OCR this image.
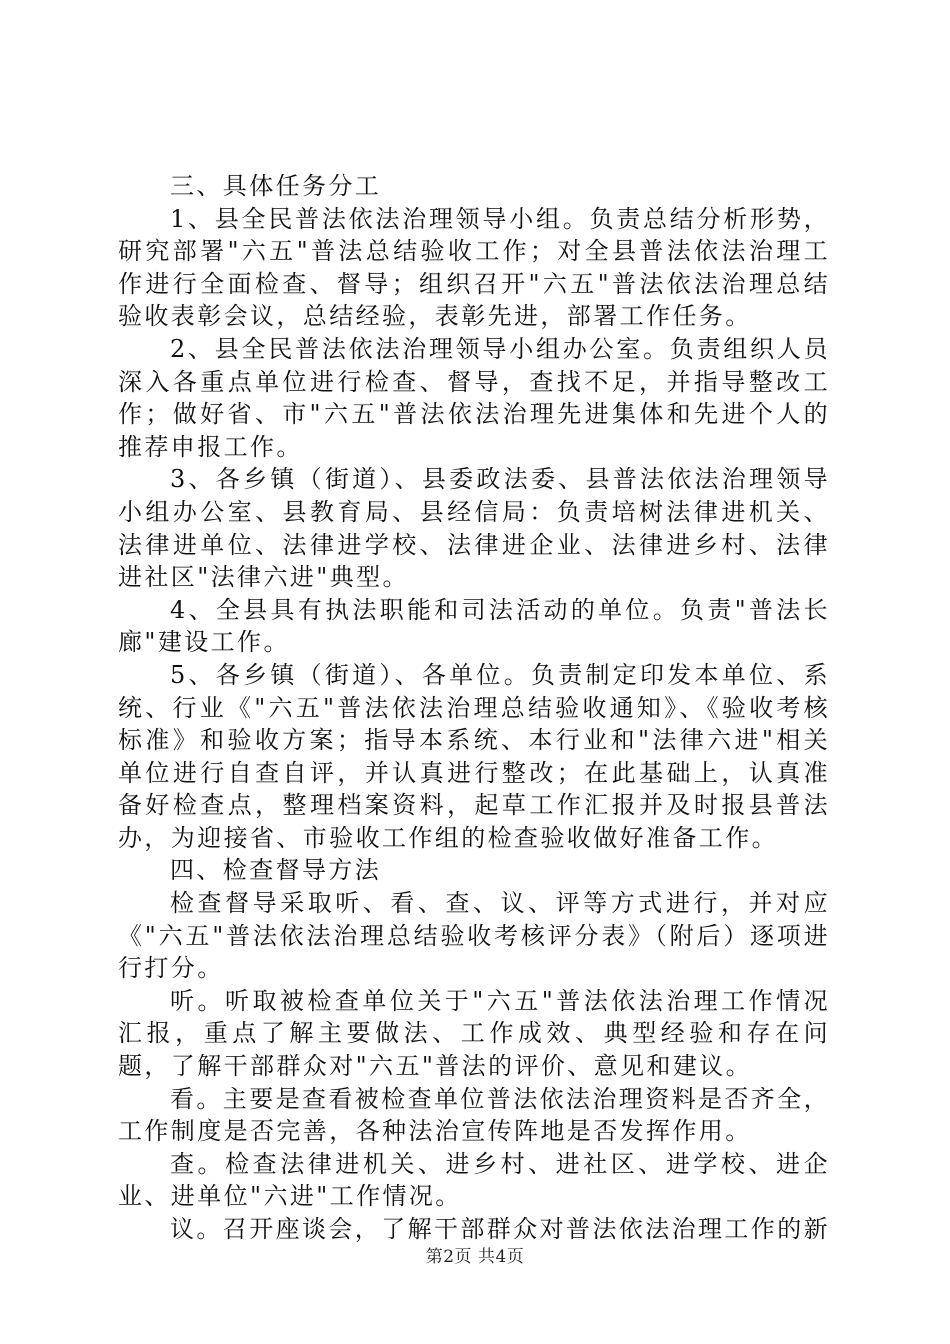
三、具体任务分工

1、县全民普法依法治理领导小组。负责总结分析形势，研究部署"六五"普法总结验收工作；对全县普法依法治理工作进行全面检查、督导；组织召开"六五"普法依法治理总结验收表彰会议，总结经验，表彰先进，部署工作任务。

2、县全民普法依法治理领导小组办公室。负责组织人员深入各重点单位进行检查、督导，查找不足，并指导整改工作；做好省、市"六五"普法依法治理先进集体和先进个人的推荐申报工作。

3、各乡镇（街道）、县委政法委、县普法依法治理领导小组办公室、县教育局、县经信局：负责培树法律进机关、法律进单位、法律进学校、法律进企业、法律进乡村、法律进社区"法律六进"典型。

4、全县具有执法职能和司法活动的单位。负责"普法长廊"建设工作。

5、各乡镇（街道）、各单位。负责制定印发本单位、系统、行业《"六五"普法依法治理总结验收通知》、《验收考核标准》和验收方案；指导本系统、本行业和"法律六进"相关单位进行自查自评，并认真进行整改；在此基础上，认真准备好检查点，整理档案资料，起草工作汇报并及时报县普法办，为迎接省、市验收工作组的检查验收做好准备工作。

四、检查督导方法

检查督导采取听、看、查、议、评等方式进行，并对应《"六五"普法依法治理总结验收考核评分表》（附后）逐项进行打分。

听。听取被检查单位关于"六五"普法依法治理工作情况汇报，重点了解主要做法、工作成效、典型经验和存在问题，了解干部群众对"六五"普法的评价、意见和建议。

看。主要是查看被检查单位普法依法治理资料是否齐全，工作制度是否完善，各种法治宣传阵地是否发挥作用。

查。检查法律进机关、进乡村、进社区、进学校、进企业、进单位"六进"工作情况。

议。召开座谈会，了解干部群众对普法依法治理工作的新

第2页 共4页
